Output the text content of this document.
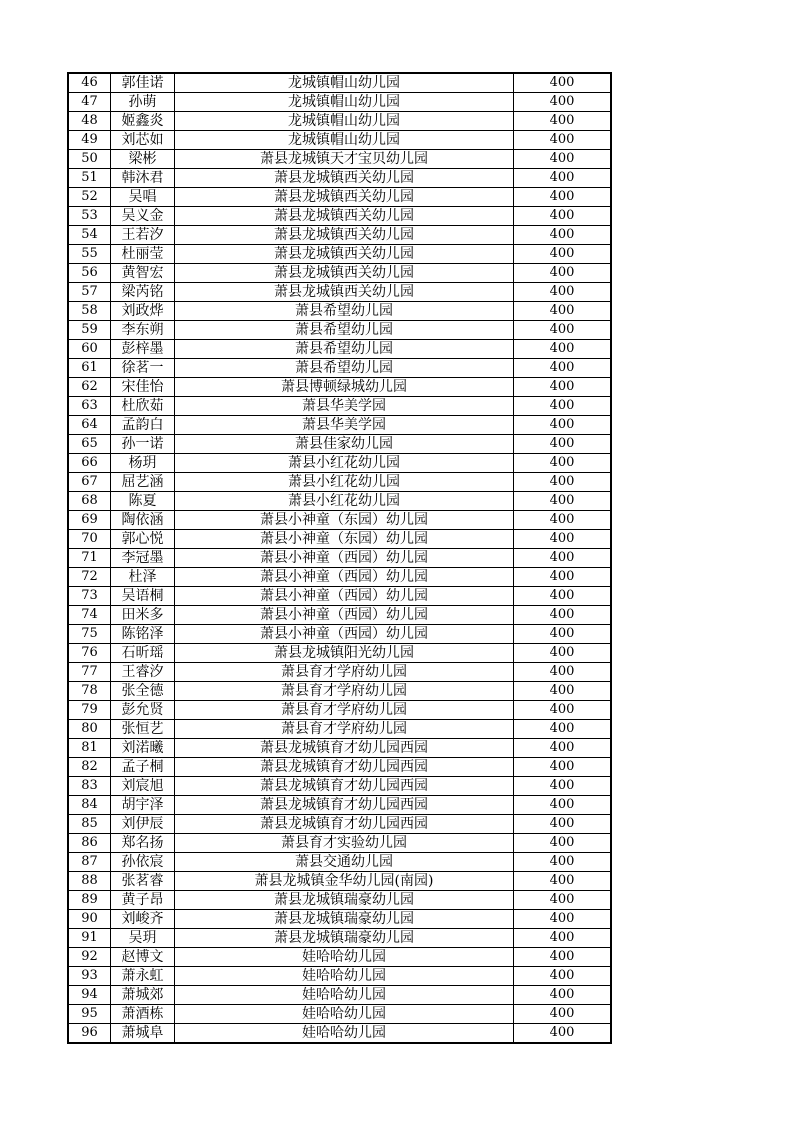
46	郭佳诺	龙城镇帽山幼儿园	400
47	孙萌	龙城镇帽山幼儿园	400
48	姬鑫炎	龙城镇帽山幼儿园	400
49	刘芯如	龙城镇帽山幼儿园	400
50	梁彬	萧县龙城镇天才宝贝幼儿园	400
51	韩沐君	萧县龙城镇西关幼儿园	400
52	吴唱	萧县龙城镇西关幼儿园	400
53	吴义金	萧县龙城镇西关幼儿园	400
54	王若汐	萧县龙城镇西关幼儿园	400
55	杜丽莹	萧县龙城镇西关幼儿园	400
56	黄智宏	萧县龙城镇西关幼儿园	400
57	梁芮铭	萧县龙城镇西关幼儿园	400
58	刘政烨	萧县希望幼儿园	400
59	李东朔	萧县希望幼儿园	400
60	彭梓墨	萧县希望幼儿园	400
61	徐茗一	萧县希望幼儿园	400
62	宋佳怡	萧县博顿绿城幼儿园	400
63	杜欣茹	萧县华美学园	400
64	孟韵白	萧县华美学园	400
65	孙一诺	萧县佳家幼儿园	400
66	杨玥	萧县小红花幼儿园	400
67	屈艺涵	萧县小红花幼儿园	400
68	陈夏	萧县小红花幼儿园	400
69	陶依涵	萧县小神童（东园）幼儿园	400
70	郭心悦	萧县小神童（东园）幼儿园	400
71	李冠墨	萧县小神童（西园）幼儿园	400
72	杜泽	萧县小神童（西园）幼儿园	400
73	吴语桐	萧县小神童（西园）幼儿园	400
74	田米多	萧县小神童（西园）幼儿园	400
75	陈铭泽	萧县小神童（西园）幼儿园	400
76	石昕瑶	萧县龙城镇阳光幼儿园	400
77	王睿汐	萧县育才学府幼儿园	400
78	张全德	萧县育才学府幼儿园	400
79	彭允贤	萧县育才学府幼儿园	400
80	张恒艺	萧县育才学府幼儿园	400
81	刘渃曦	萧县龙城镇育才幼儿园西园	400
82	孟子桐	萧县龙城镇育才幼儿园西园	400
83	刘宸旭	萧县龙城镇育才幼儿园西园	400
84	胡宇泽	萧县龙城镇育才幼儿园西园	400
85	刘伊辰	萧县龙城镇育才幼儿园西园	400
86	郑名扬	萧县育才实验幼儿园	400
87	孙依宸	萧县交通幼儿园	400
88	张茗睿	萧县龙城镇金华幼儿园(南园)	400
89	黄子昂	萧县龙城镇瑞豪幼儿园	400
90	刘峻齐	萧县龙城镇瑞豪幼儿园	400
91	吴玥	萧县龙城镇瑞豪幼儿园	400
92	赵博文	娃哈哈幼儿园	400
93	萧永虹	娃哈哈幼儿园	400
94	萧城郊	娃哈哈幼儿园	400
95	萧酒栋	娃哈哈幼儿园	400
96	萧城阜	娃哈哈幼儿园	400
